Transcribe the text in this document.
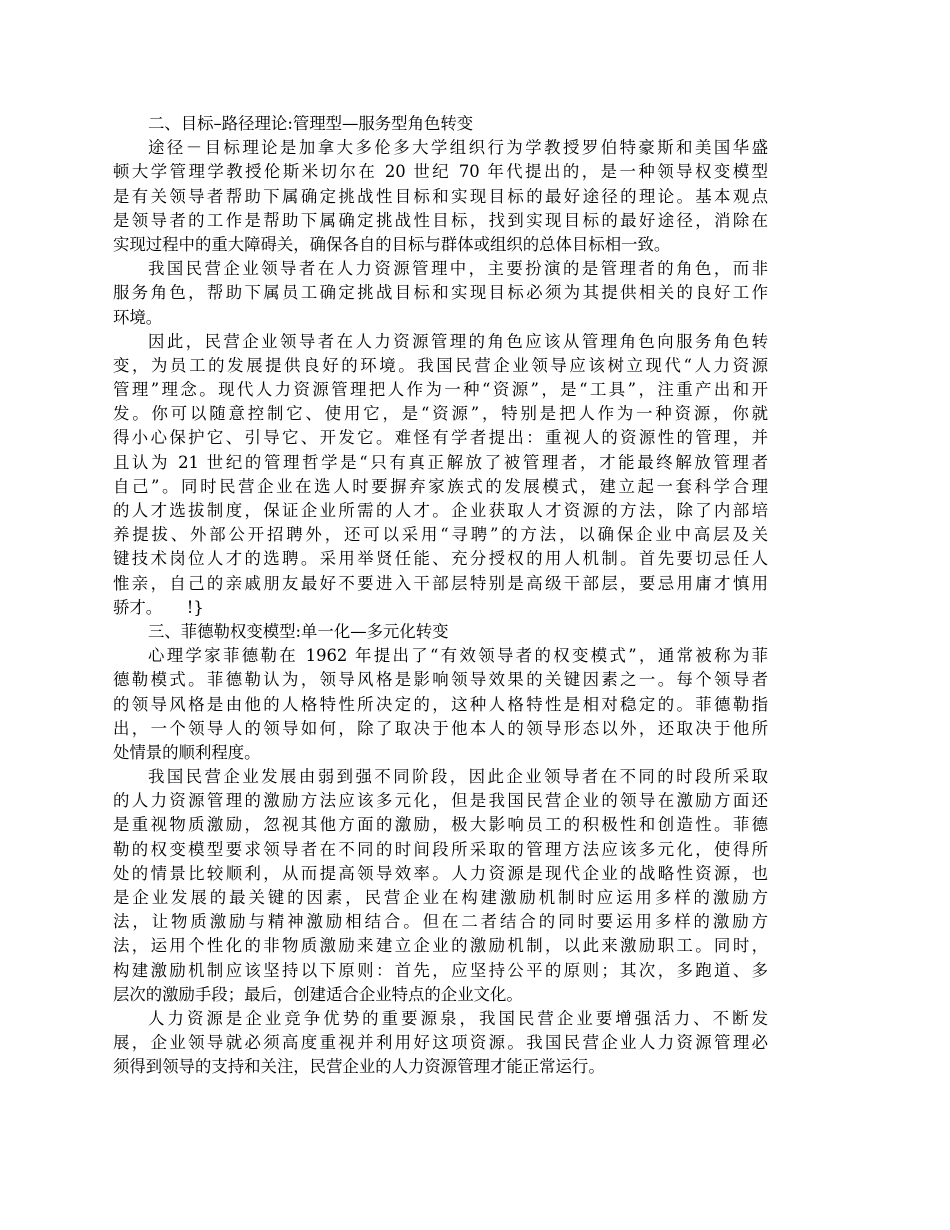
二、目标–路径理论:管理型—服务型角色转变
途径－目标理论是加拿大多伦多大学组织行为学教授罗伯特豪斯和美国华盛
顿大学管理学教授伦斯米切尔在 20 世纪 70 年代提出的，是一种领导权变模型
是有关领导者帮助下属确定挑战性目标和实现目标的最好途径的理论。基本观点
是领导者的工作是帮助下属确定挑战性目标，找到实现目标的最好途径，消除在
实现过程中的重大障碍关，确保各自的目标与群体或组织的总体目标相一致。
我国民营企业领导者在人力资源管理中，主要扮演的是管理者的角色，而非
服务角色，帮助下属员工确定挑战目标和实现目标必须为其提供相关的良好工作
环境。
因此，民营企业领导者在人力资源管理的角色应该从管理角色向服务角色转
变，为员工的发展提供良好的环境。我国民营企业领导应该树立现代“人力资源
管理”理念。现代人力资源管理把人作为一种“资源”，是“工具”，注重产出和开
发。你可以随意控制它、使用它，是“资源”，特别是把人作为一种资源，你就
得小心保护它、引导它、开发它。难怪有学者提出：重视人的资源性的管理，并
且认为 21 世纪的管理哲学是“只有真正解放了被管理者，才能最终解放管理者
自己”。同时民营企业在选人时要摒弃家族式的发展模式，建立起一套科学合理
的人才选拔制度，保证企业所需的人才。企业获取人才资源的方法，除了内部培
养提拔、外部公开招聘外，还可以采用“寻聘”的方法，以确保企业中高层及关
键技术岗位人才的选聘。采用举贤任能、充分授权的用人机制。首先要切忌任人
惟亲，自己的亲戚朋友最好不要进入干部层特别是高级干部层，要忌用庸才慎用
骄才。　　!}
三、菲德勒权变模型:单一化—多元化转变
心理学家菲德勒在 1962 年提出了“有效领导者的权变模式”，通常被称为菲
德勒模式。菲德勒认为，领导风格是影响领导效果的关键因素之一。每个领导者
的领导风格是由他的人格特性所决定的，这种人格特性是相对稳定的。菲德勒指
出，一个领导人的领导如何，除了取决于他本人的领导形态以外，还取决于他所
处情景的顺利程度。
我国民营企业发展由弱到强不同阶段，因此企业领导者在不同的时段所采取
的人力资源管理的激励方法应该多元化，但是我国民营企业的领导在激励方面还
是重视物质激励，忽视其他方面的激励，极大影响员工的积极性和创造性。菲德
勒的权变模型要求领导者在不同的时间段所采取的管理方法应该多元化，使得所
处的情景比较顺利，从而提高领导效率。人力资源是现代企业的战略性资源，也
是企业发展的最关键的因素，民营企业在构建激励机制时应运用多样的激励方
法，让物质激励与精神激励相结合。但在二者结合的同时要运用多样的激励方
法，运用个性化的非物质激励来建立企业的激励机制，以此来激励职工。同时，
构建激励机制应该坚持以下原则：首先，应坚持公平的原则；其次，多跑道、多
层次的激励手段；最后，创建适合企业特点的企业文化。
人力资源是企业竞争优势的重要源泉，我国民营企业要增强活力、不断发
展，企业领导就必须高度重视并利用好这项资源。我国民营企业人力资源管理必
须得到领导的支持和关注，民营企业的人力资源管理才能正常运行。
